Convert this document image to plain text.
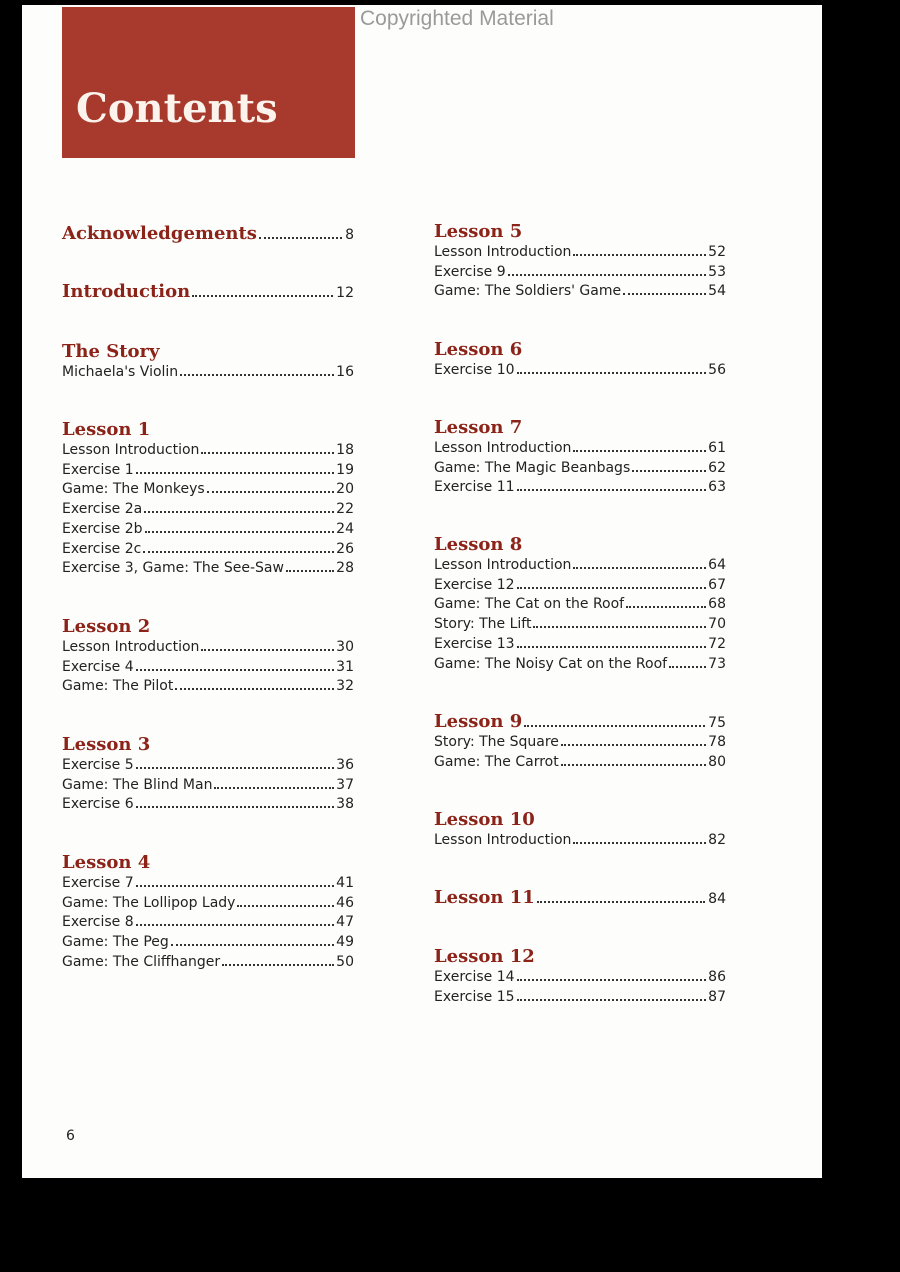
Copyrighted Material
Contents
Acknowledgements	8
Introduction	12
The Story
Michaela's Violin	16
Lesson 1
Lesson Introduction	18
Exercise 1	19
Game: The Monkeys	20
Exercise 2a	22
Exercise 2b	24
Exercise 2c	26
Exercise 3, Game: The See-Saw	28
Lesson 2
Lesson Introduction	30
Exercise 4	31
Game: The Pilot	32
Lesson 3
Exercise 5	36
Game: The Blind Man	37
Exercise 6	38
Lesson 4
Exercise 7	41
Game: The Lollipop Lady	46
Exercise 8	47
Game: The Peg	49
Game: The Cliffhanger	50
Lesson 5
Lesson Introduction	52
Exercise 9	53
Game: The Soldiers' Game	54
Lesson 6
Exercise 10	56
Lesson 7
Lesson Introduction	61
Game: The Magic Beanbags	62
Exercise 11	63
Lesson 8
Lesson Introduction	64
Exercise 12	67
Game: The Cat on the Roof	68
Story: The Lift	70
Exercise 13	72
Game: The Noisy Cat on the Roof	73
Lesson 9	75
Story: The Square	78
Game: The Carrot	80
Lesson 10
Lesson Introduction	82
Lesson 11	84
Lesson 12
Exercise 14	86
Exercise 15	87
6
